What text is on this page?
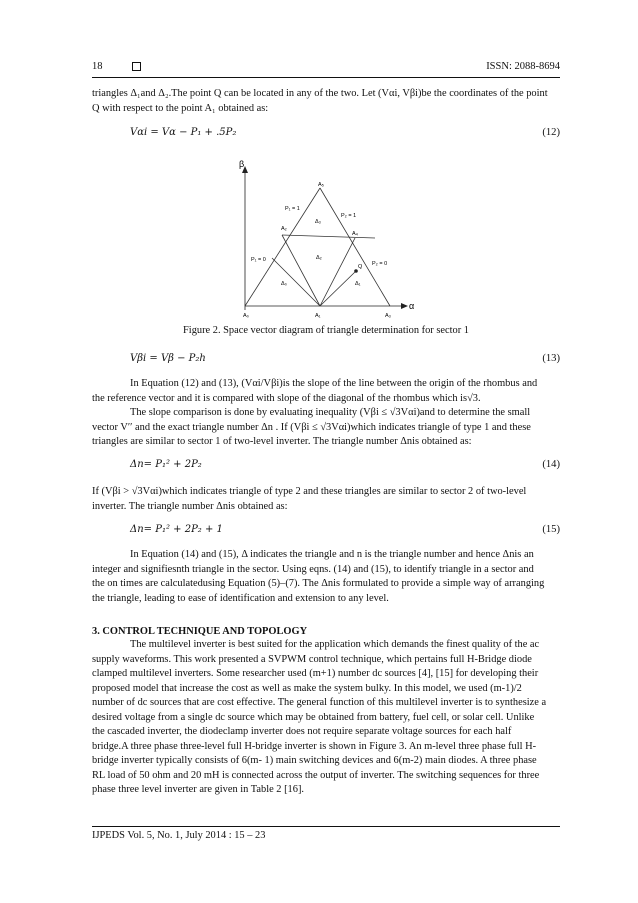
18	ISSN: 2088-8694
triangles Δ₁and Δ₂.The point Q can be located in any of the two. Let (Vαi, Vβi)be the coordinates of the point
Q with respect to the point A₁ obtained as:
Vαi = Vα − P₁ + .5P₂	(12)
β
α
A₀	A₁	A₃
A₂
A₄
A₅
Q
Δ₀	Δ₁
Δ₂
Δ₃
P₁ = 0
P₁ = 1
P₂ = 0
P₂ = 1
Figure 2. Space vector diagram of triangle determination for sector 1
Vβi = Vβ − P₂h	(13)
In Equation (12) and (13), (Vαi/Vβi)is the slope of the line between the origin of the rhombus and
the reference vector and it is compared with slope of the diagonal of the rhombus which is√3.
The slope comparison is done by evaluating inequality (Vβi ≤ √3Vαi)and to determine the small
vector V′′ and the exact triangle number Δn . If (Vβi ≤ √3Vαi)which indicates triangle of type 1 and these
triangles are similar to sector 1 of two-level inverter. The triangle number Δnis obtained as:
Δn= P₁² + 2P₂	(14)
If (Vβi > √3Vαi)which indicates triangle of type 2 and these triangles are similar to sector 2 of two-level
inverter. The triangle number Δnis obtained as:
Δn= P₁² + 2P₂ + 1	(15)
In Equation (14) and (15), Δ indicates the triangle and n is the triangle number and hence Δnis an
integer and signifiesnth triangle in the sector. Using eqns. (14) and (15), to identify triangle in a sector and
the on times are calculatedusing Equation (5)–(7). The Δnis formulated to provide a simple way of arranging
the triangle, leading to ease of identification and extension to any level.
3. CONTROL TECHNIQUE AND TOPOLOGY
The multilevel inverter is best suited for the application which demands the finest quality of the ac
supply waveforms. This work presented a SVPWM control technique, which pertains full H-Bridge diode
clamped multilevel inverters. Some researcher used (m+1) number dc sources [4], [15] for developing their
proposed model that increase the cost as well as make the system bulky. In this model, we used (m-1)/2
number of dc sources that are cost effective. The general function of this multilevel inverter is to synthesize a
desired voltage from a single dc source which may be obtained from battery, fuel cell, or solar cell. Unlike
the cascaded inverter, the diodeclamp inverter does not require separate voltage sources for each half
bridge.A three phase three-level full H-bridge inverter is shown in Figure 3. An m-level three phase full H-
bridge inverter typically consists of 6(m- 1) main switching devices and 6(m-2) main diodes. A three phase
RL load of 50 ohm and 20 mH is connected across the output of inverter. The switching sequences for three
phase three level inverter are given in Table 2 [16].
IJPEDS Vol. 5, No. 1, July 2014 : 15 – 23
